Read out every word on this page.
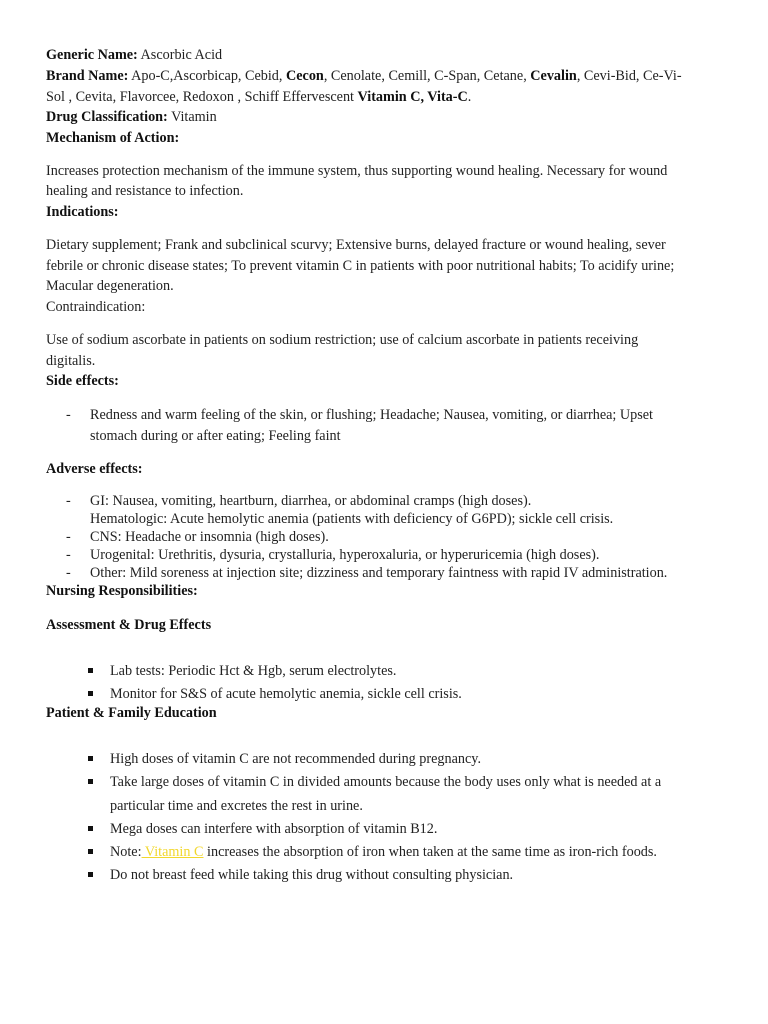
Generic Name: Ascorbic Acid
Brand Name: Apo-C,Ascorbicap, Cebid, Cecon, Cenolate, Cemill, C-Span, Cetane, Cevalin, Cevi-Bid, Ce-Vi-
Sol , Cevita, Flavorcee, Redoxon , Schiff Effervescent Vitamin C, Vita-C.
Drug Classification: Vitamin
Mechanism of Action:
Increases protection mechanism of the immune system, thus supporting wound healing. Necessary for wound
healing and resistance to infection.
Indications:
Dietary supplement; Frank and subclinical scurvy; Extensive burns, delayed fracture or wound healing, sever
febrile or chronic disease states; To prevent vitamin C in patients with poor nutritional habits; To acidify urine;
Macular degeneration.
Contraindication:
Use of sodium ascorbate in patients on sodium restriction; use of calcium ascorbate in patients receiving
digitalis.
Side effects:
- Redness and warm feeling of the skin, or flushing; Headache; Nausea, vomiting, or diarrhea; Upset
stomach during or after eating; Feeling faint
Adverse effects:
- GI: Nausea, vomiting, heartburn, diarrhea, or abdominal cramps (high doses).
Hematologic: Acute hemolytic anemia (patients with deficiency of G6PD); sickle cell crisis.
- CNS: Headache or insomnia (high doses).
- Urogenital: Urethritis, dysuria, crystalluria, hyperoxaluria, or hyperuricemia (high doses).
- Other: Mild soreness at injection site; dizziness and temporary faintness with rapid IV administration.
Nursing Responsibilities:
Assessment & Drug Effects
Lab tests: Periodic Hct & Hgb, serum electrolytes.
Monitor for S&S of acute hemolytic anemia, sickle cell crisis.
Patient & Family Education
High doses of vitamin C are not recommended during pregnancy.
Take large doses of vitamin C in divided amounts because the body uses only what is needed at a
particular time and excretes the rest in urine.
Mega doses can interfere with absorption of vitamin B12.
Note: Vitamin C increases the absorption of iron when taken at the same time as iron-rich foods.
Do not breast feed while taking this drug without consulting physician.
